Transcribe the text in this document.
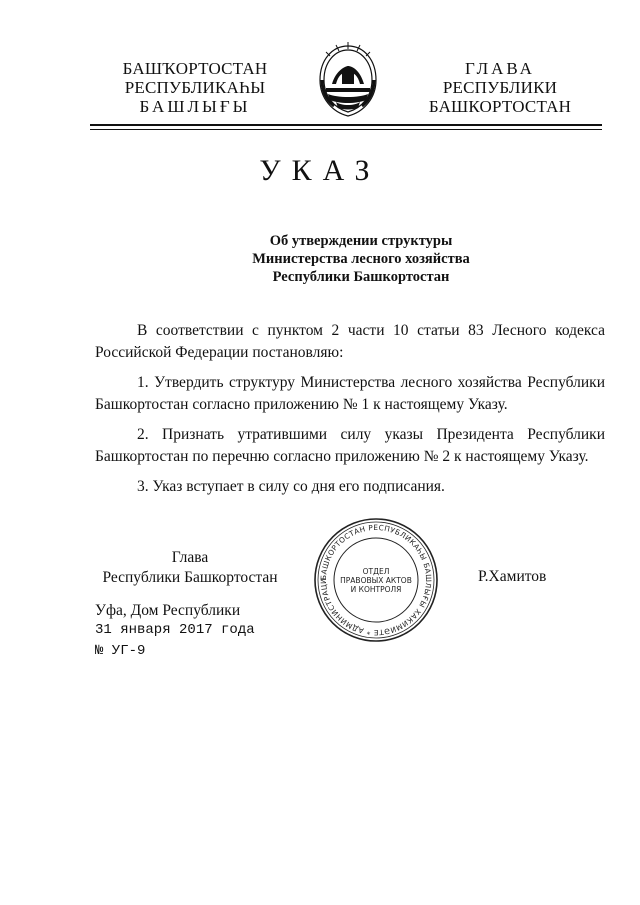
БАШҠОРТОСТАН
РЕСПУБЛИКАҺЫ
БАШЛЫҒЫ
ГЛАВА
РЕСПУБЛИКИ
БАШКОРТОСТАН
УКАЗ
Об утверждении структуры
Министерства лесного хозяйства
Республики Башкортостан

В соответствии с пунктом 2 части 10 статьи 83 Лесного кодекса Российской Федерации постановляю:

1. Утвердить структуру Министерства лесного хозяйства Республики Башкортостан согласно приложению № 1 к настоящему Указу.

2. Признать утратившими силу указы Президента Республики Башкортостан по перечню согласно приложению № 2 к настоящему Указу.

3. Указ вступает в силу со дня его подписания.

Глава
Республики Башкортостан	БАШКОРТОСТАН РЕСПУБЛИКАҺЫ БАШЛЫҒЫ ХАКИМИӘТЕ * АДМИНИСТРАЦИ
ОТДЕЛ
ПРАВОВЫХ АКТОВ
И КОНТРОЛЯ
Р.Хамитов
Уфа, Дом Республики
31 января 2017 года
№ УГ-9
